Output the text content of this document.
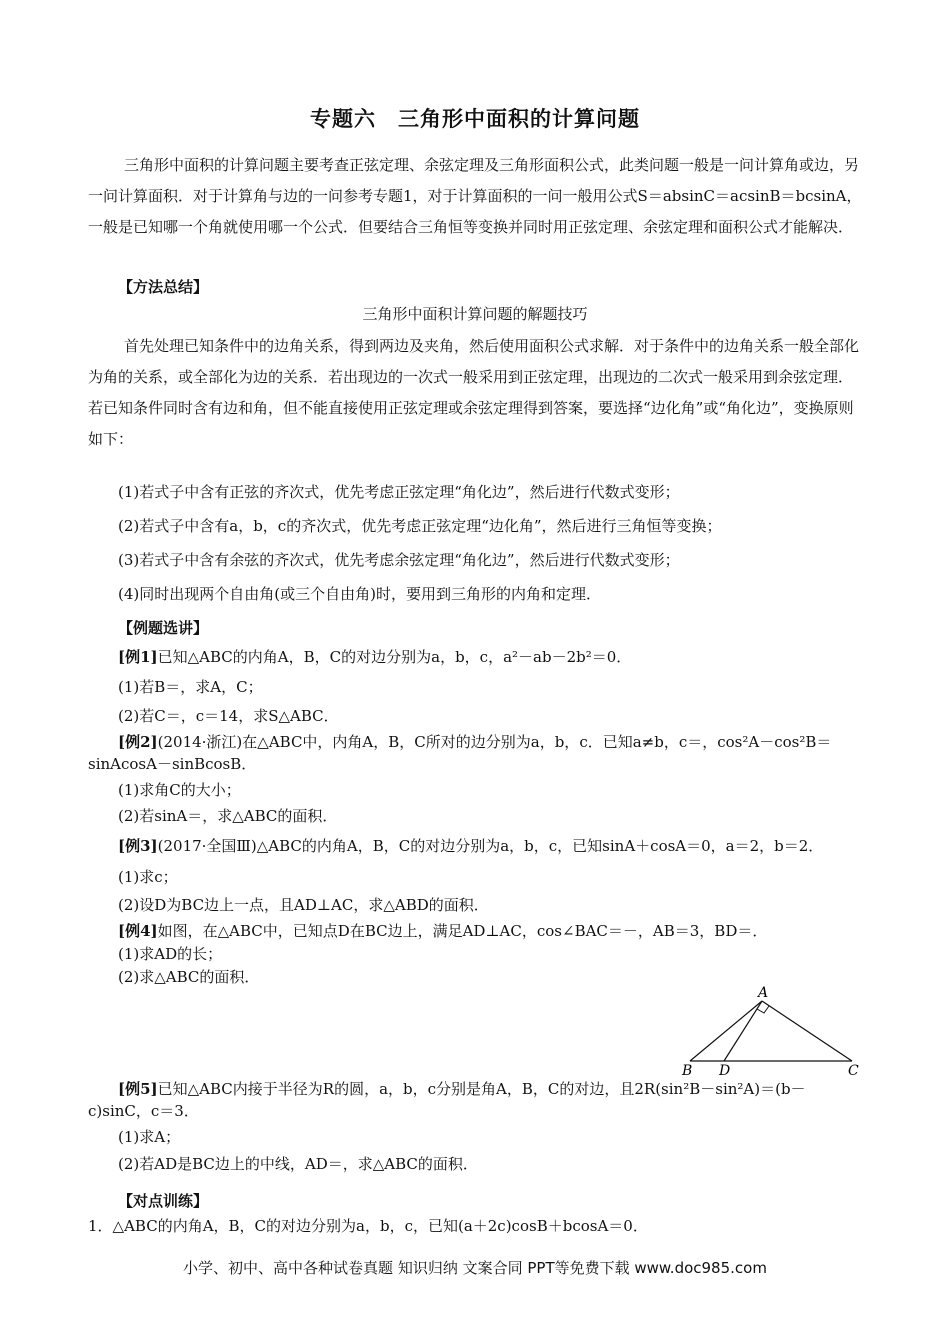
专题六　三角形中面积的计算问题
三角形中面积的计算问题主要考查正弦定理、余弦定理及三角形面积公式，此类问题一般是一问计算角或边，另一问计算面积．对于计算角与边的一问参考专题1，对于计算面积的一问一般用公式S＝absinC＝acsinB＝bcsinA，一般是已知哪一个角就使用哪一个公式．但要结合三角恒等变换并同时用正弦定理、余弦定理和面积公式才能解决．
【方法总结】
三角形中面积计算问题的解题技巧
首先处理已知条件中的边角关系，得到两边及夹角，然后使用面积公式求解．对于条件中的边角关系一般全部化为角的关系，或全部化为边的关系．若出现边的一次式一般采用到正弦定理，出现边的二次式一般采用到余弦定理．若已知条件同时含有边和角，但不能直接使用正弦定理或余弦定理得到答案，要选择“边化角”或“角化边”，变换原则如下：
(1)若式子中含有正弦的齐次式，优先考虑正弦定理“角化边”，然后进行代数式变形；
(2)若式子中含有a，b，c的齐次式，优先考虑正弦定理“边化角”，然后进行三角恒等变换；
(3)若式子中含有余弦的齐次式，优先考虑余弦定理“角化边”，然后进行代数式变形；
(4)同时出现两个自由角(或三个自由角)时，要用到三角形的内角和定理．
【例题选讲】
[例1]已知△ABC的内角A，B，C的对边分别为a，b，c，a²－ab－2b²＝0．
(1)若B＝，求A，C；
(2)若C＝，c＝14，求S△ABC．
[例2](2014·浙江)在△ABC中，内角A，B，C所对的边分别为a，b，c．已知a≠b，c＝，cos²A－cos²B＝
sinAcosA－sinBcosB．
(1)求角C的大小；
(2)若sinA＝，求△ABC的面积．
[例3](2017·全国Ⅲ)△ABC的内角A，B，C的对边分别为a，b，c，已知sinA＋cosA＝0，a＝2，b＝2．
(1)求c；
(2)设D为BC边上一点，且AD⊥AC，求△ABD的面积．
[例4]如图，在△ABC中，已知点D在BC边上，满足AD⊥AC，cos∠BAC＝－，AB＝3，BD＝．
(1)求AD的长；
(2)求△ABC的面积．
A
B D	C
[例5]已知△ABC内接于半径为R的圆，a，b，c分别是角A，B，C的对边，且2R(sin²B－sin²A)＝(b－
c)sinC，c＝3．
(1)求A；
(2)若AD是BC边上的中线，AD＝，求△ABC的面积．
【对点训练】
1．△ABC的内角A，B，C的对边分别为a，b，c，已知(a＋2c)cosB＋bcosA＝0．
小学、初中、高中各种试卷真题 知识归纳 文案合同 PPT等免费下载 www.doc985.com
